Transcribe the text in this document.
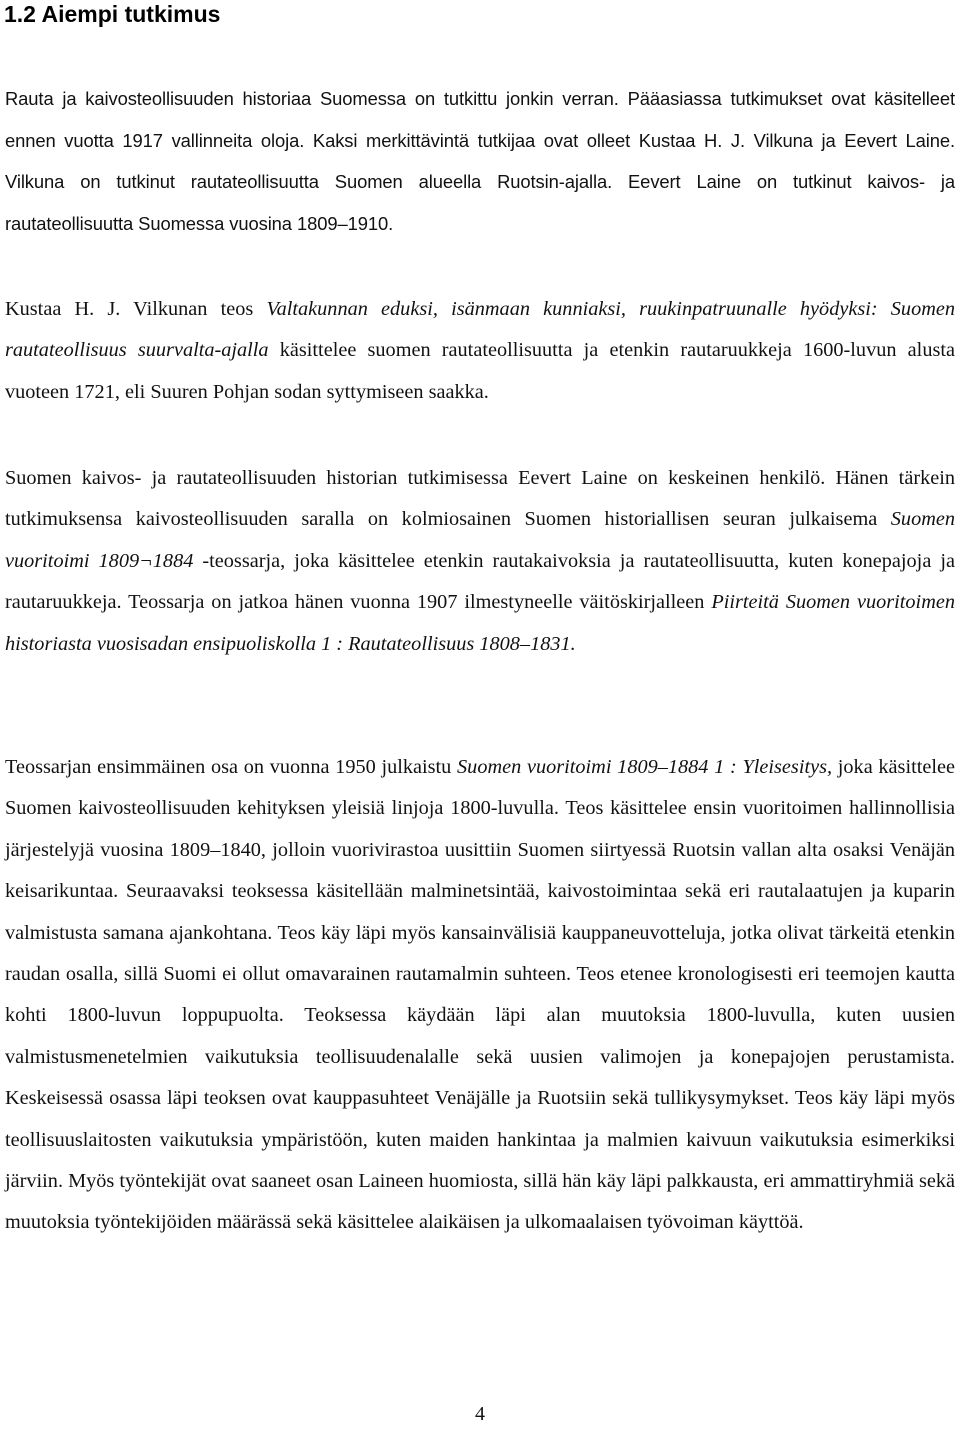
1.2 Aiempi tutkimus

Rauta ja kaivosteollisuuden historiaa Suomessa on tutkittu jonkin verran. Pääasiassa tutkimukset ovat käsitelleet ennen vuotta 1917 vallinneita oloja. Kaksi merkittävintä tutkijaa ovat olleet Kustaa H. J. Vilkuna ja Eevert Laine. Vilkuna on tutkinut rautateollisuutta Suomen alueella Ruotsin-ajalla. Eevert Laine on tutkinut kaivos- ja rautateollisuutta Suomessa vuosina 1809–1910.

Kustaa H. J. Vilkunan teos Valtakunnan eduksi, isänmaan kunniaksi, ruukinpatruunalle hyödyksi: Suomen rautateollisuus suurvalta-ajalla käsittelee suomen rautateollisuutta ja etenkin rautaruukkeja 1600-luvun alusta vuoteen 1721, eli Suuren Pohjan sodan syttymiseen saakka.

Suomen kaivos- ja rautateollisuuden historian tutkimisessa Eevert Laine on keskeinen henkilö. Hänen tärkein tutkimuksensa kaivosteollisuuden saralla on kolmiosainen Suomen historiallisen seuran julkaisema Suomen vuoritoimi 1809¬1884 -teossarja, joka käsittelee etenkin rautakaivoksia ja rautateollisuutta, kuten konepajoja ja rautaruukkeja. Teossarja on jatkoa hänen vuonna 1907 ilmestyneelle väitöskirjalleen Piirteitä Suomen vuoritoimen historiasta vuosisadan ensipuoliskolla 1 : Rautateollisuus 1808–1831.

Teossarjan ensimmäinen osa on vuonna 1950 julkaistu Suomen vuoritoimi 1809–1884 1 : Yleisesitys, joka käsittelee Suomen kaivosteollisuuden kehityksen yleisiä linjoja 1800-luvulla. Teos käsittelee ensin vuoritoimen hallinnollisia järjestelyjä vuosina 1809–1840, jolloin vuorivirastoa uusittiin Suomen siirtyessä Ruotsin vallan alta osaksi Venäjän keisarikuntaa. Seuraavaksi teoksessa käsitellään malminetsintää, kaivostoimintaa sekä eri rautalaatujen ja kuparin valmistusta samana ajankohtana. Teos käy läpi myös kansainvälisiä kauppaneuvotteluja, jotka olivat tärkeitä etenkin raudan osalla, sillä Suomi ei ollut omavarainen rautamalmin suhteen. Teos etenee kronologisesti eri teemojen kautta kohti 1800-luvun loppupuolta. Teoksessa käydään läpi alan muutoksia 1800-luvulla, kuten uusien valmistusmenetelmien vaikutuksia teollisuudenalalle sekä uusien valimojen ja konepajojen perustamista. Keskeisessä osassa läpi teoksen ovat kauppasuhteet Venäjälle ja Ruotsiin sekä tullikysymykset. Teos käy läpi myös teollisuuslaitosten vaikutuksia ympäristöön, kuten maiden hankintaa ja malmien kaivuun vaikutuksia esimerkiksi järviin. Myös työntekijät ovat saaneet osan Laineen huomiosta, sillä hän käy läpi palkkausta, eri ammattiryhmiä sekä muutoksia työntekijöiden määrässä sekä käsittelee alaikäisen ja ulkomaalaisen työvoiman käyttöä.

4
